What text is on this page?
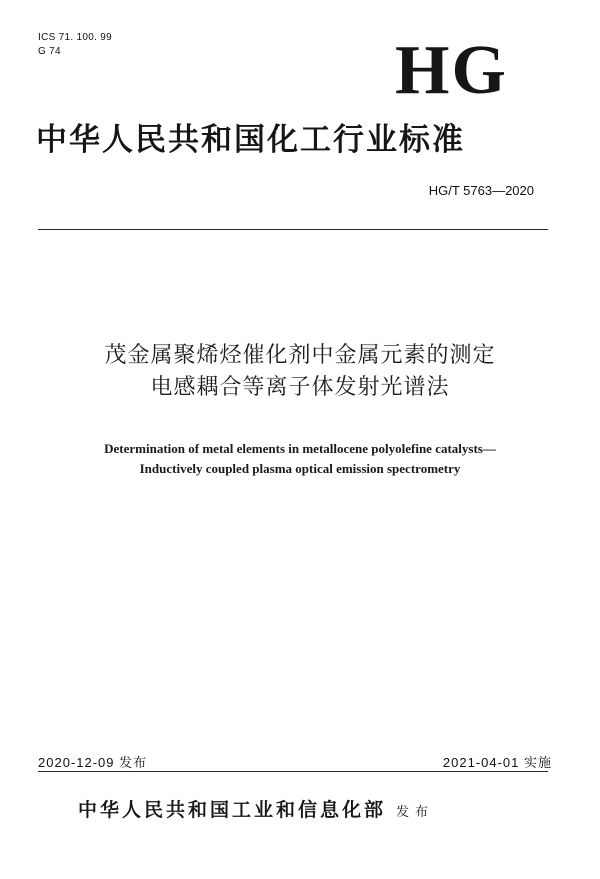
ICS 71. 100. 99
G 74	HG
中华人民共和国化工行业标准
HG/T 5763—2020
茂金属聚烯烃催化剂中金属元素的测定
电感耦合等离子体发射光谱法
Determination of metal elements in metallocene polyolefine catalysts—
Inductively coupled plasma optical emission spectrometry
2020-12-09 发布	2021-04-01 实施
中华人民共和国工业和信息化部 发布
